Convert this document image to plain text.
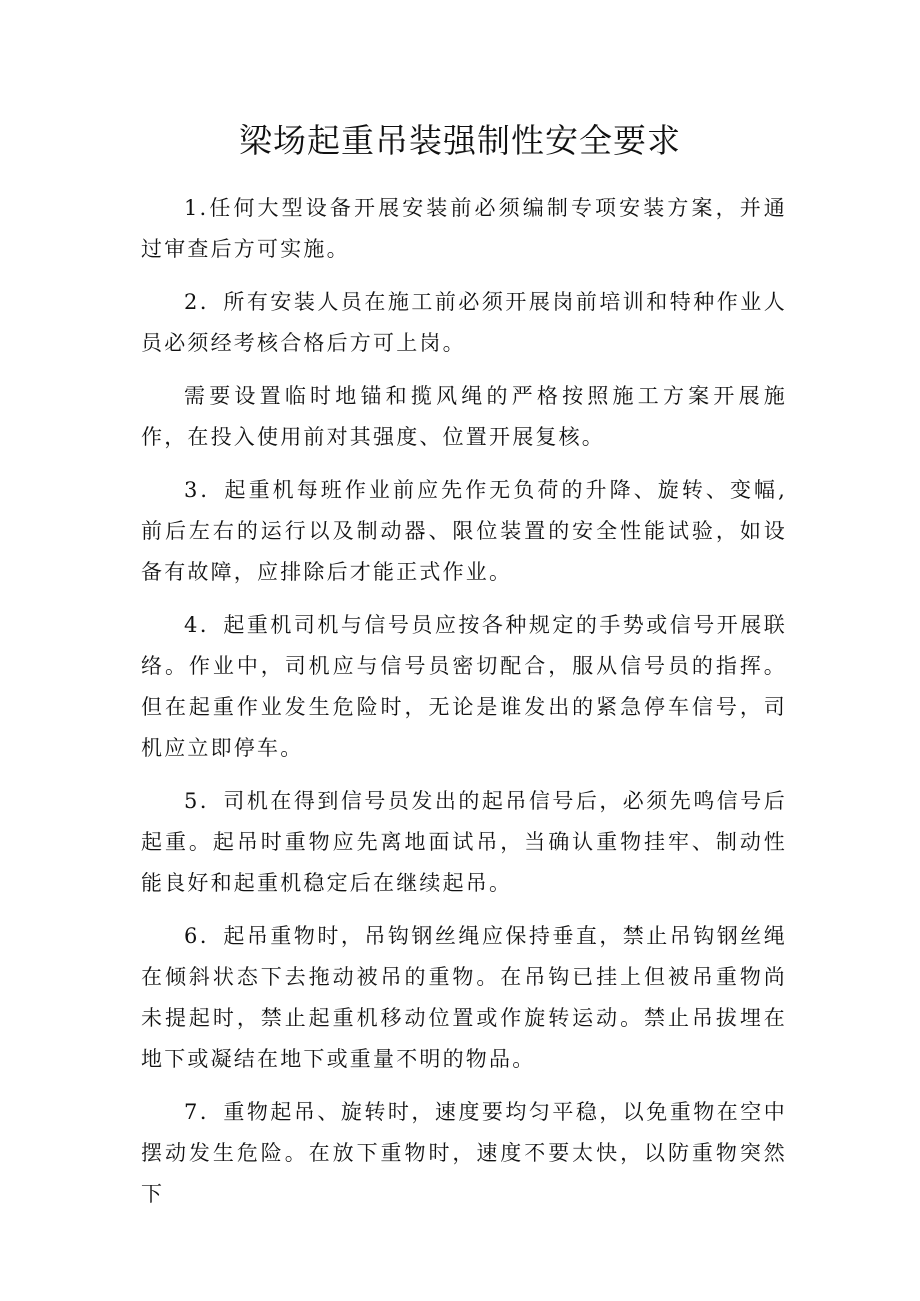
梁场起重吊装强制性安全要求

1.任何大型设备开展安装前必须编制专项安装方案，并通过审查后方可实施。

2．所有安装人员在施工前必须开展岗前培训和特种作业人员必须经考核合格后方可上岗。

需要设置临时地锚和揽风绳的严格按照施工方案开展施作，在投入使用前对其强度、位置开展复核。

3．起重机每班作业前应先作无负荷的升降、旋转、变幅,前后左右的运行以及制动器、限位装置的安全性能试验，如设备有故障，应排除后才能正式作业。

4．起重机司机与信号员应按各种规定的手势或信号开展联络。作业中，司机应与信号员密切配合，服从信号员的指挥。但在起重作业发生危险时，无论是谁发出的紧急停车信号，司机应立即停车。

5．司机在得到信号员发出的起吊信号后，必须先鸣信号后起重。起吊时重物应先离地面试吊，当确认重物挂牢、制动性能良好和起重机稳定后在继续起吊。

6．起吊重物时，吊钩钢丝绳应保持垂直，禁止吊钩钢丝绳在倾斜状态下去拖动被吊的重物。在吊钩已挂上但被吊重物尚未提起时，禁止起重机移动位置或作旋转运动。禁止吊拔埋在地下或凝结在地下或重量不明的物品。

7．重物起吊、旋转时，速度要均匀平稳，以免重物在空中摆动发生危险。在放下重物时，速度不要太快，以防重物突然下
